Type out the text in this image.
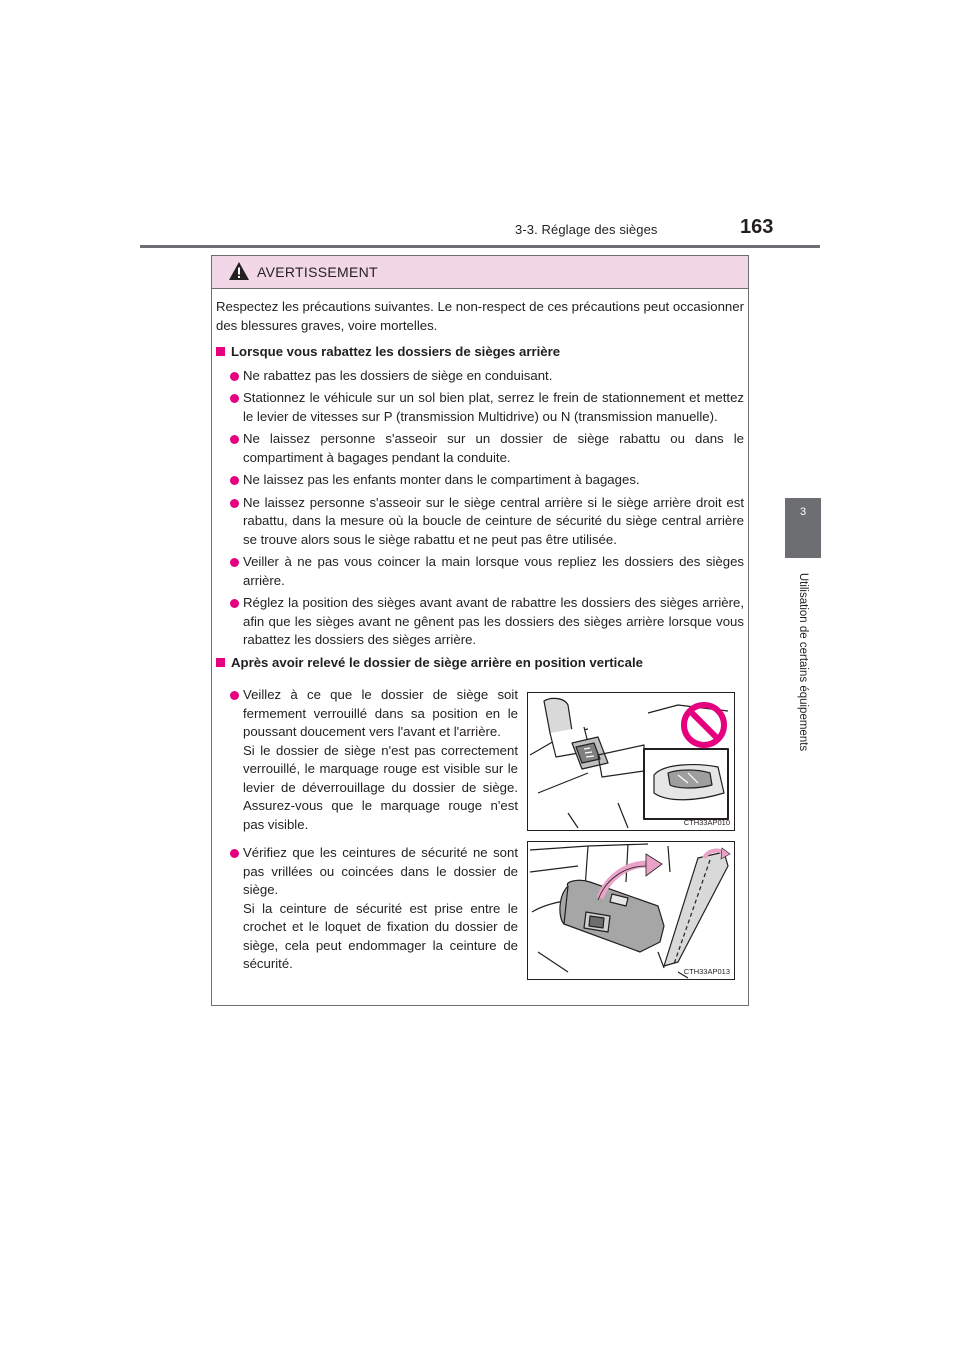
3-3. Réglage des sièges	163
3
Utilisation de certains équipements
AVERTISSEMENT

Respectez les précautions suivantes. Le non-respect de ces précautions peut occasionner des blessures graves, voire mortelles.

Lorsque vous rabattez les dossiers de sièges arrière
Ne rabattez pas les dossiers de siège en conduisant.
Stationnez le véhicule sur un sol bien plat, serrez le frein de stationnement et mettez le levier de vitesses sur P (transmission Multidrive) ou N (transmission manuelle).
Ne laissez personne s'asseoir sur un dossier de siège rabattu ou dans le compartiment à bagages pendant la conduite.
Ne laissez pas les enfants monter dans le compartiment à bagages.
Ne laissez personne s'asseoir sur le siège central arrière si le siège arrière droit est rabattu, dans la mesure où la boucle de ceinture de sécurité du siège central arrière se trouve alors sous le siège rabattu et ne peut pas être utilisée.
Veiller à ne pas vous coincer la main lorsque vous repliez les dossiers des sièges arrière.
Réglez la position des sièges avant avant de rabattre les dossiers des sièges arrière, afin que les sièges avant ne gênent pas les dossiers des sièges arrière lorsque vous rabattez les dossiers des sièges arrière.
Après avoir relevé le dossier de siège arrière en position verticale
Veillez à ce que le dossier de siège soit fermement verrouillé dans sa position en le poussant doucement vers l'avant et l'arrière.
Si le dossier de siège n'est pas correctement verrouillé, le marquage rouge est visible sur le levier de déverrouillage du dossier de siège. Assurez-vous que le marquage rouge n'est pas visible.
Vérifiez que les ceintures de sécurité ne sont pas vrillées ou coincées dans le dossier de siège.
Si la ceinture de sécurité est prise entre le crochet et le loquet de fixation du dossier de siège, cela peut endommager la ceinture de sécurité.
CTH33AP010
CTH33AP013
